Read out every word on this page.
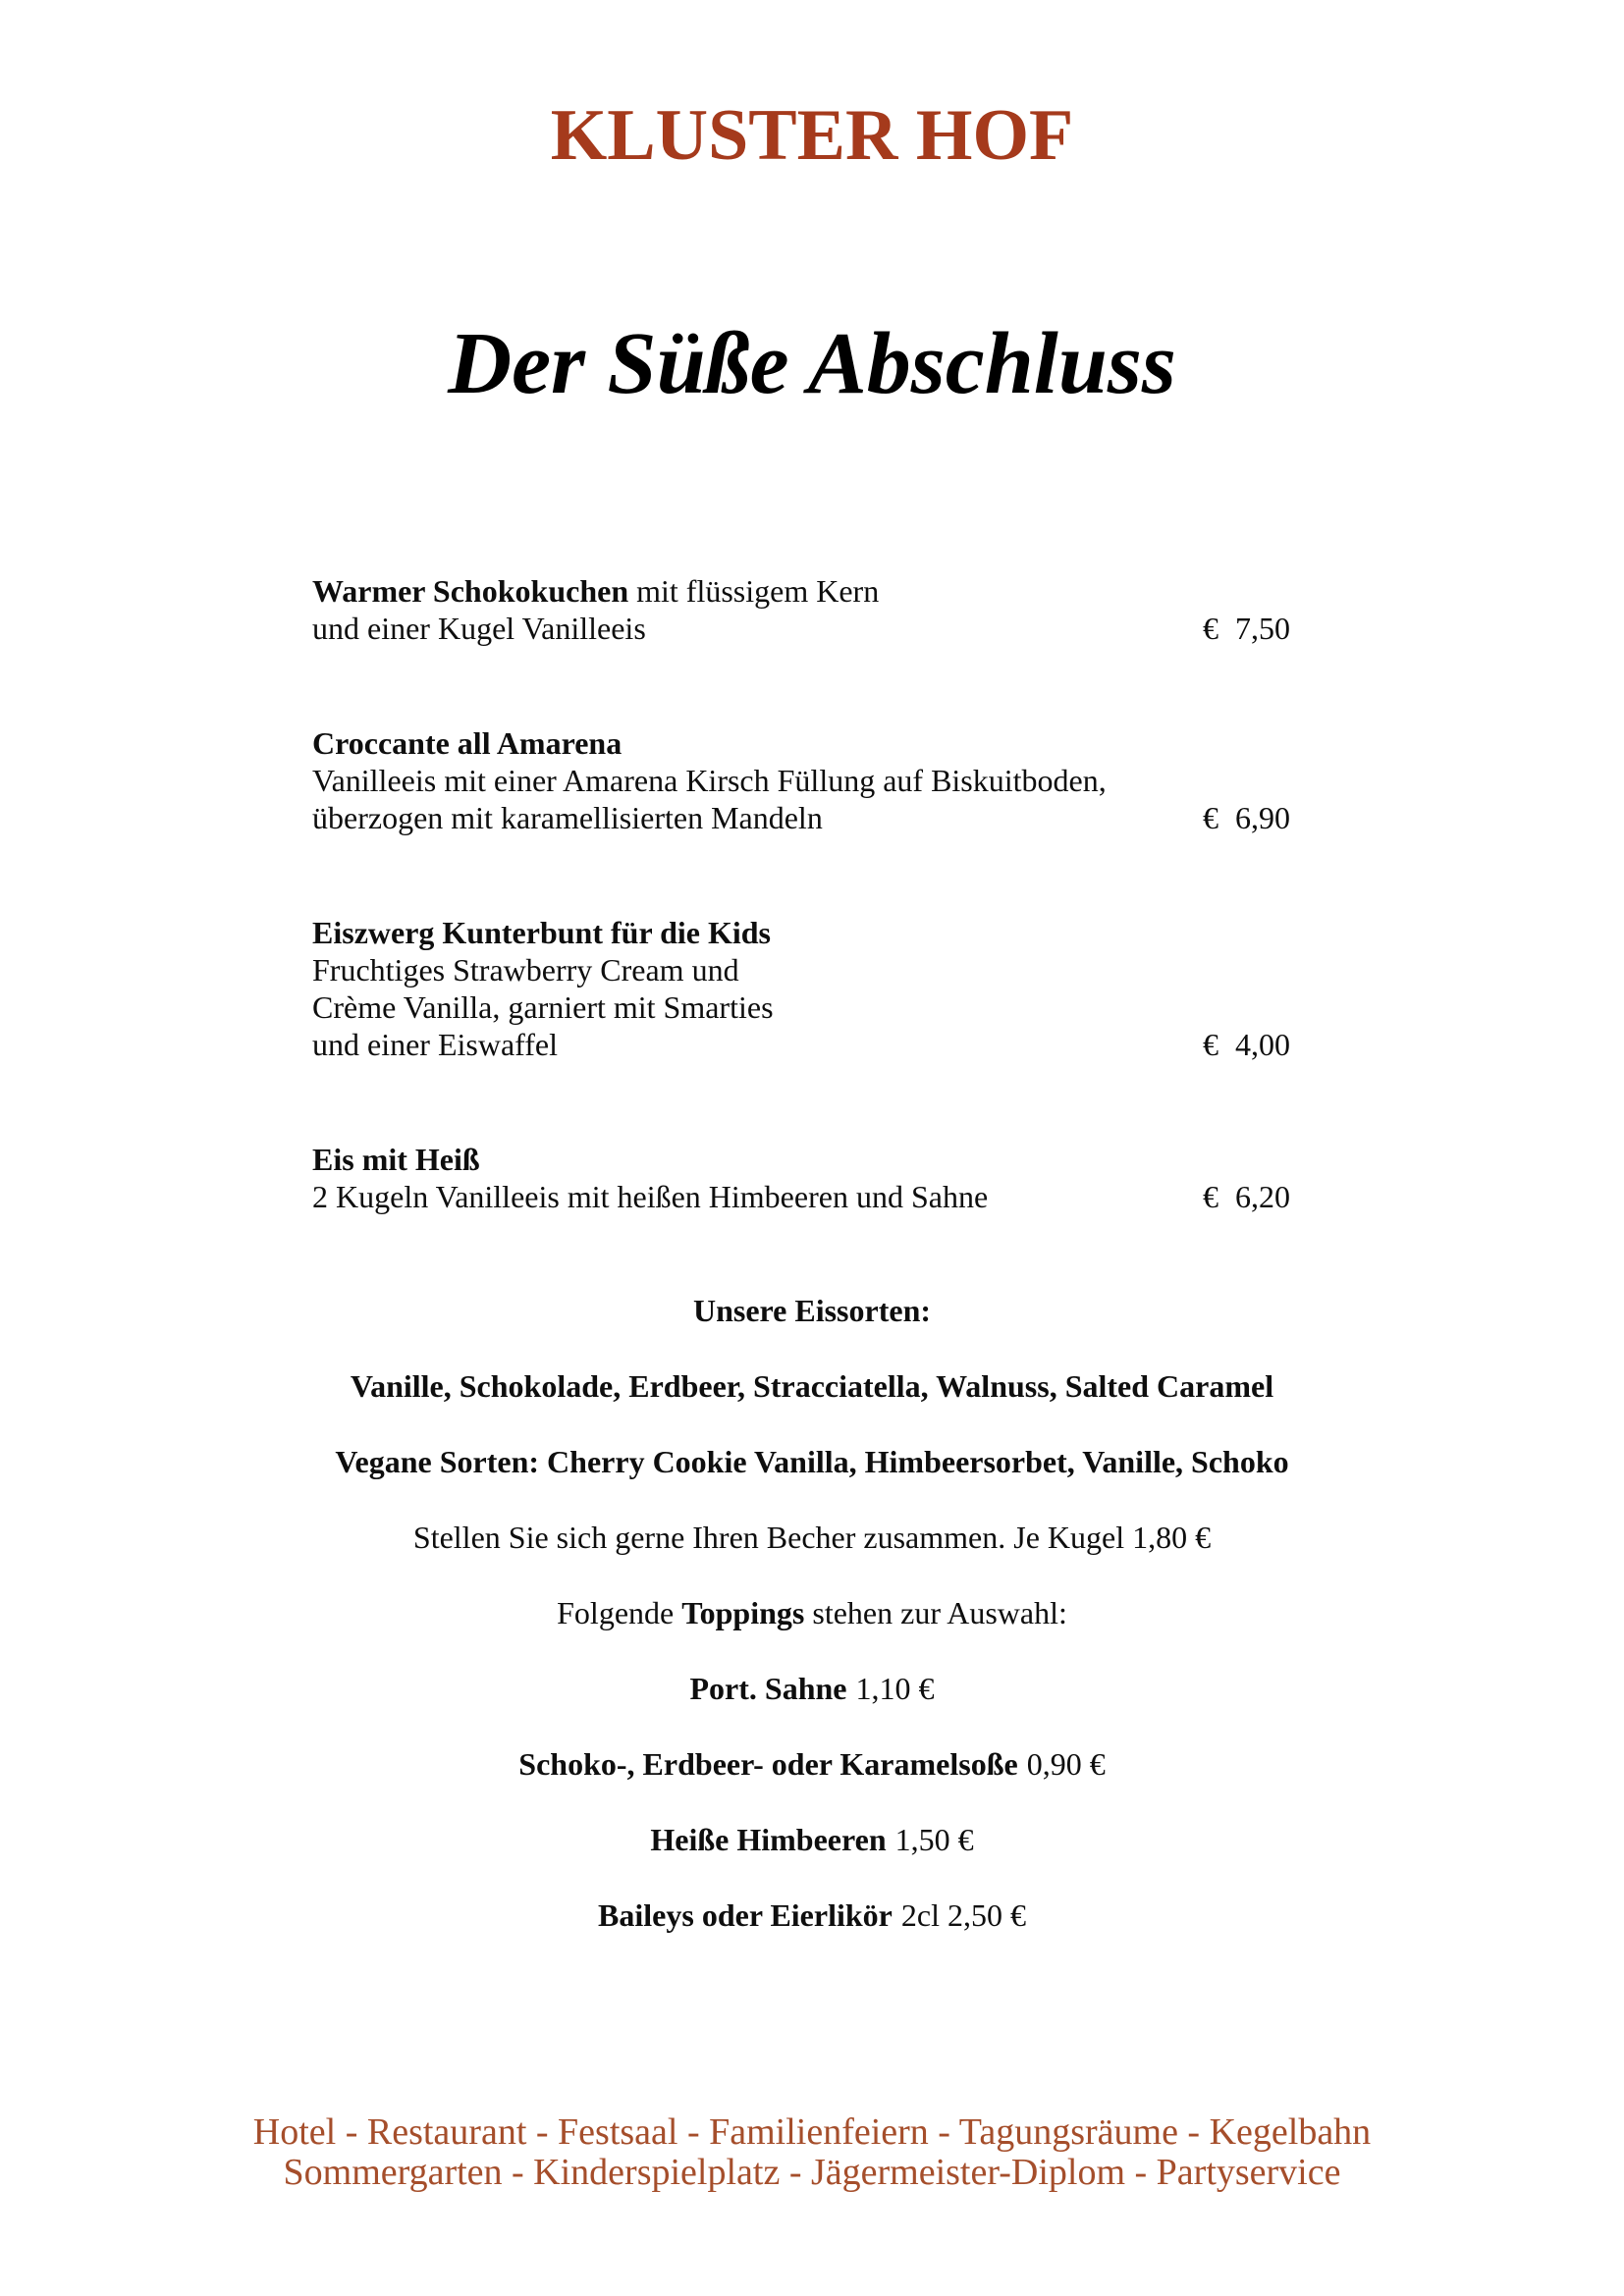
KLUSTER HOF
Der Süße Abschluss
Warmer Schokokuchen mit flüssigem Kern
und einer Kugel Vanilleeis	€ 7,50
Croccante all Amarena
Vanilleeis mit einer Amarena Kirsch Füllung auf Biskuitboden,
überzogen mit karamellisierten Mandeln	€ 6,90
Eiszwerg Kunterbunt für die Kids
Fruchtiges Strawberry Cream und
Crème Vanilla, garniert mit Smarties
und einer Eiswaffel	€ 4,00
Eis mit Heiß
2 Kugeln Vanilleeis mit heißen Himbeeren und Sahne	€ 6,20
Unsere Eissorten:
Vanille, Schokolade, Erdbeer, Stracciatella, Walnuss, Salted Caramel
Vegane Sorten: Cherry Cookie Vanilla, Himbeersorbet, Vanille, Schoko
Stellen Sie sich gerne Ihren Becher zusammen. Je Kugel 1,80 €
Folgende Toppings stehen zur Auswahl:
Port. Sahne 1,10 €
Schoko-, Erdbeer- oder Karamelsoße 0,90 €
Heiße Himbeeren 1,50 €
Baileys oder Eierlikör 2cl 2,50 €
Hotel - Restaurant - Festsaal - Familienfeiern - Tagungsräume - Kegelbahn
Sommergarten - Kinderspielplatz - Jägermeister-Diplom - Partyservice
